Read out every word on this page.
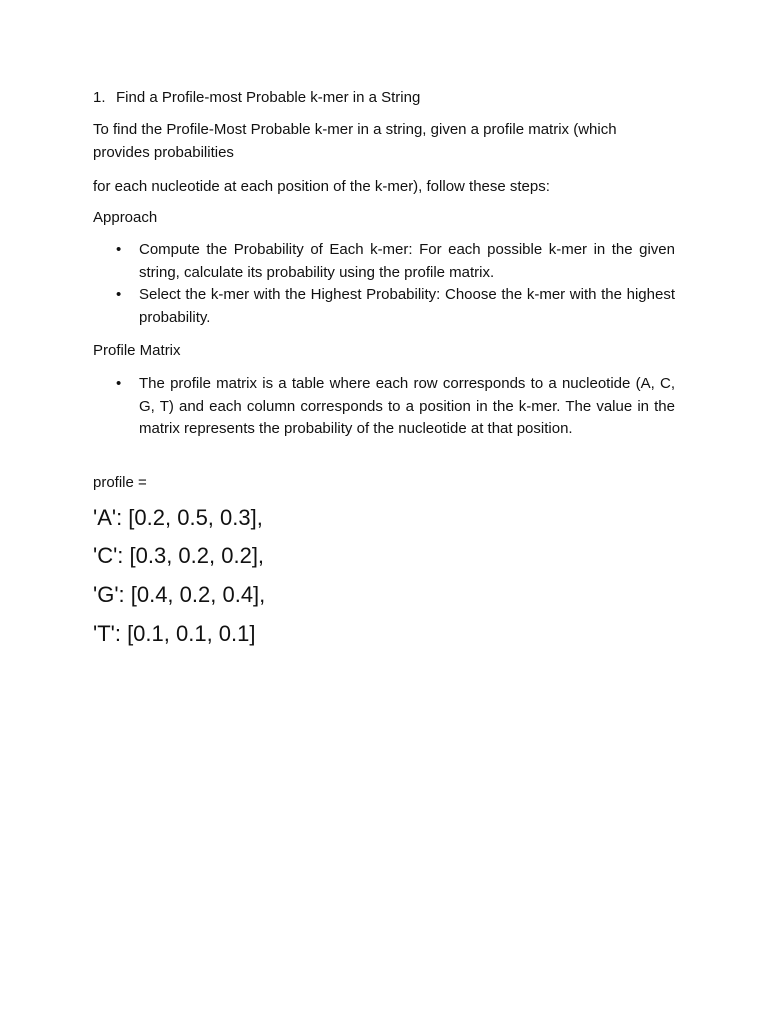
1. Find a Profile-most Probable k-mer in a String

To find the Profile-Most Probable k-mer in a string, given a profile matrix (which provides probabilities

for each nucleotide at each position of the k-mer), follow these steps:

Approach

• Compute the Probability of Each k-mer: For each possible k-mer in the given string, calculate its probability using the profile matrix.
• Select the k-mer with the Highest Probability: Choose the k-mer with the highest probability.

Profile Matrix

• The profile matrix is a table where each row corresponds to a nucleotide (A, C, G, T) and each column corresponds to a position in the k-mer. The value in the matrix represents the probability of the nucleotide at that position.

profile =

'A': [0.2, 0.5, 0.3],
'C': [0.3, 0.2, 0.2],
'G': [0.4, 0.2, 0.4],
'T': [0.1, 0.1, 0.1]
